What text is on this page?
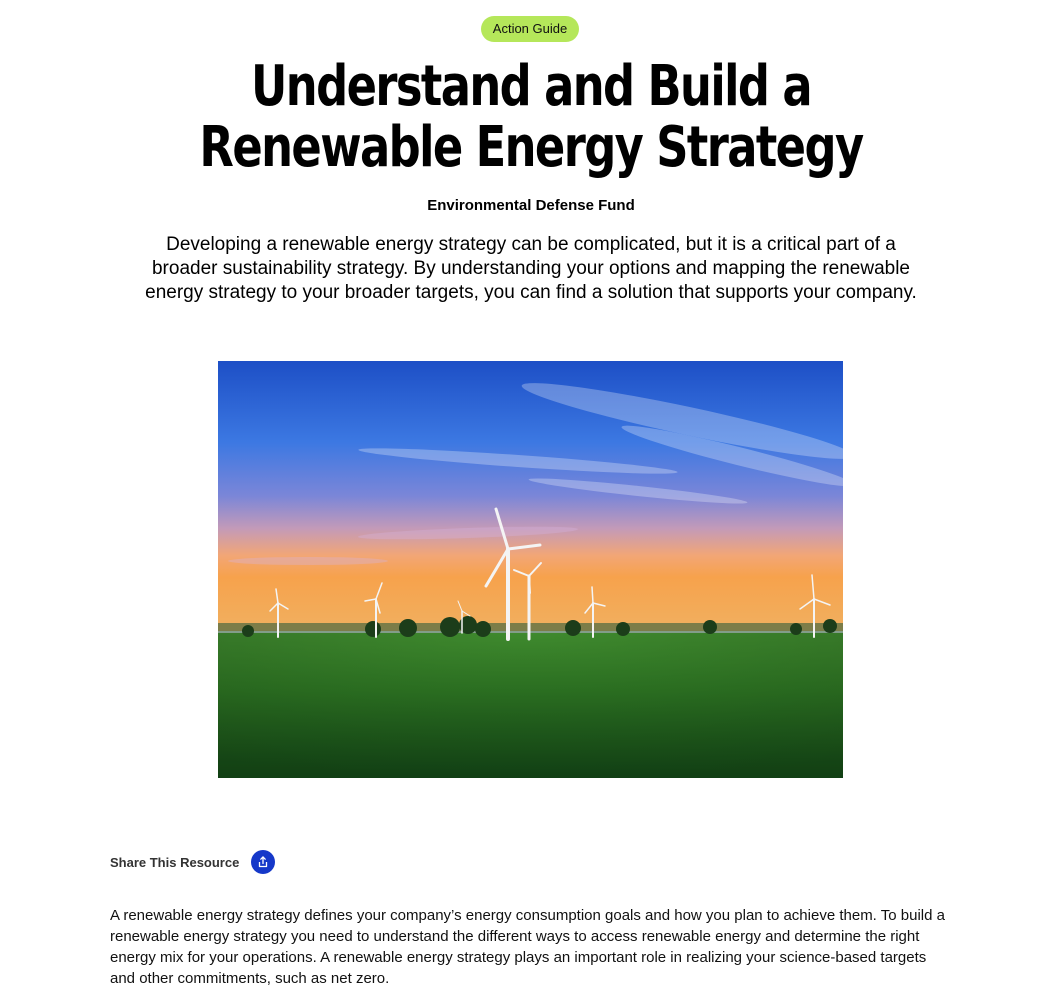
Action Guide
Understand and Build a Renewable Energy Strategy
Environmental Defense Fund

Developing a renewable energy strategy can be complicated, but it is a critical part of a broader sustainability strategy. By understanding your options and mapping the renewable energy strategy to your broader targets, you can find a solution that supports your company.

Share This Resource

A renewable energy strategy defines your company’s energy consumption goals and how you plan to achieve them. To build a renewable energy strategy you need to understand the different ways to access renewable energy and determine the right energy mix for your operations. A renewable energy strategy plays an important role in realizing your science-based targets and other commitments, such as net zero.
